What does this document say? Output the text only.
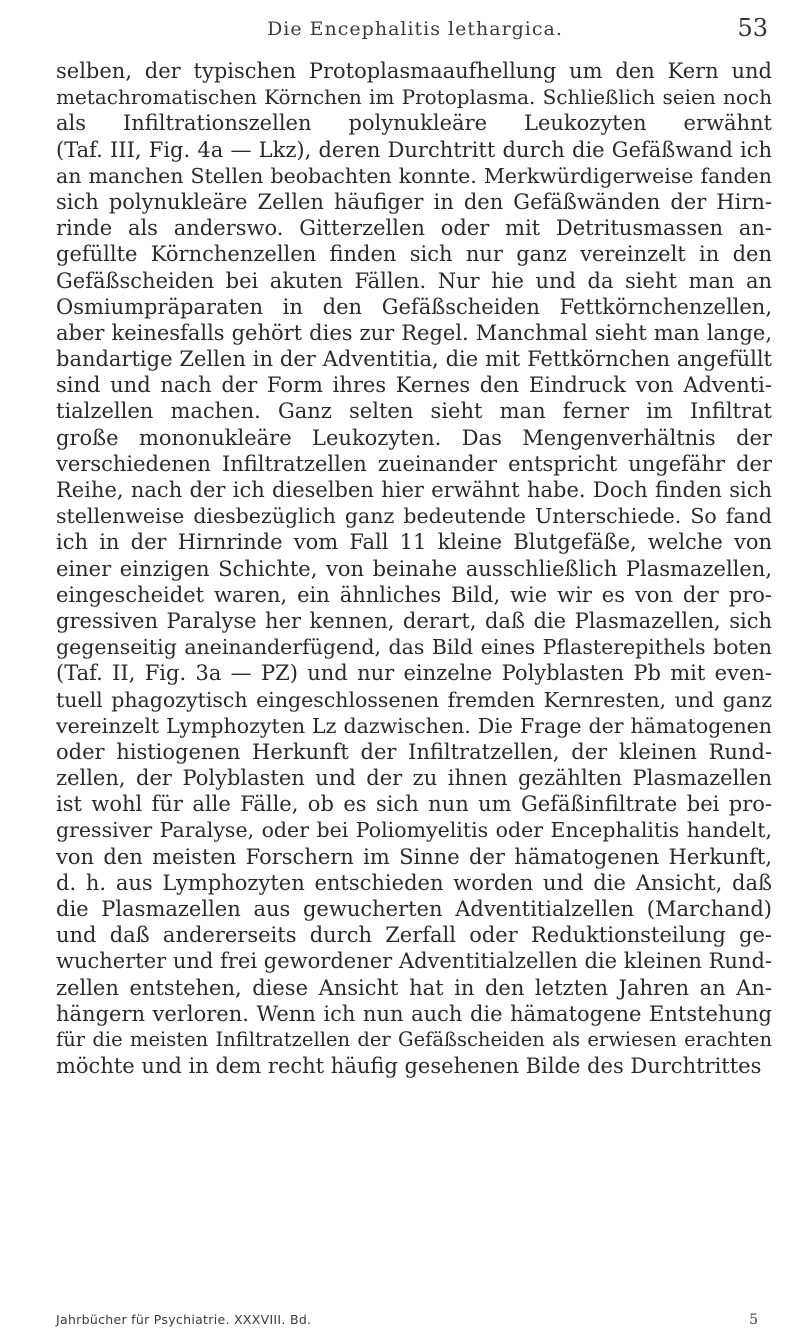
Die Encephalitis lethargica.	53
selben, der typischen Protoplasmaaufhellung um den Kern und
metachromatischen Körnchen im Protoplasma. Schließlich seien noch
als Infiltrationszellen polynukleäre Leukozyten erwähnt
(Taf. III, Fig. 4a — Lkz), deren Durchtritt durch die Gefäßwand ich
an manchen Stellen beobachten konnte. Merkwürdigerweise fanden
sich polynukleäre Zellen häufiger in den Gefäßwänden der Hirn-
rinde als anderswo. Gitterzellen oder mit Detritusmassen an-
gefüllte Körnchenzellen finden sich nur ganz vereinzelt in den
Gefäßscheiden bei akuten Fällen. Nur hie und da sieht man an
Osmiumpräparaten in den Gefäßscheiden Fettkörnchenzellen,
aber keinesfalls gehört dies zur Regel. Manchmal sieht man lange,
bandartige Zellen in der Adventitia, die mit Fettkörnchen angefüllt
sind und nach der Form ihres Kernes den Eindruck von Adventi-
tialzellen machen. Ganz selten sieht man ferner im Infiltrat
große mononukleäre Leukozyten. Das Mengenverhältnis der
verschiedenen Infiltratzellen zueinander entspricht ungefähr der
Reihe, nach der ich dieselben hier erwähnt habe. Doch finden sich
stellenweise diesbezüglich ganz bedeutende Unterschiede. So fand
ich in der Hirnrinde vom Fall 11 kleine Blutgefäße, welche von
einer einzigen Schichte, von beinahe ausschließlich Plasmazellen,
eingescheidet waren, ein ähnliches Bild, wie wir es von der pro-
gressiven Paralyse her kennen, derart, daß die Plasmazellen, sich
gegenseitig aneinanderfügend, das Bild eines Pflasterepithels boten
(Taf. II, Fig. 3a — PZ) und nur einzelne Polyblasten Pb mit even-
tuell phagozytisch eingeschlossenen fremden Kernresten, und ganz
vereinzelt Lymphozyten Lz dazwischen. Die Frage der hämatogenen
oder histiogenen Herkunft der Infiltratzellen, der kleinen Rund-
zellen, der Polyblasten und der zu ihnen gezählten Plasmazellen
ist wohl für alle Fälle, ob es sich nun um Gefäßinfiltrate bei pro-
gressiver Paralyse, oder bei Poliomyelitis oder Encephalitis handelt,
von den meisten Forschern im Sinne der hämatogenen Herkunft,
d. h. aus Lymphozyten entschieden worden und die Ansicht, daß
die Plasmazellen aus gewucherten Adventitialzellen (Marchand)
und daß andererseits durch Zerfall oder Reduktionsteilung ge-
wucherter und frei gewordener Adventitialzellen die kleinen Rund-
zellen entstehen, diese Ansicht hat in den letzten Jahren an An-
hängern verloren. Wenn ich nun auch die hämatogene Entstehung
für die meisten Infiltratzellen der Gefäßscheiden als erwiesen erachten
möchte und in dem recht häufig gesehenen Bilde des Durchtrittes
Jahrbücher für Psychiatrie. XXXVIII. Bd.	5
